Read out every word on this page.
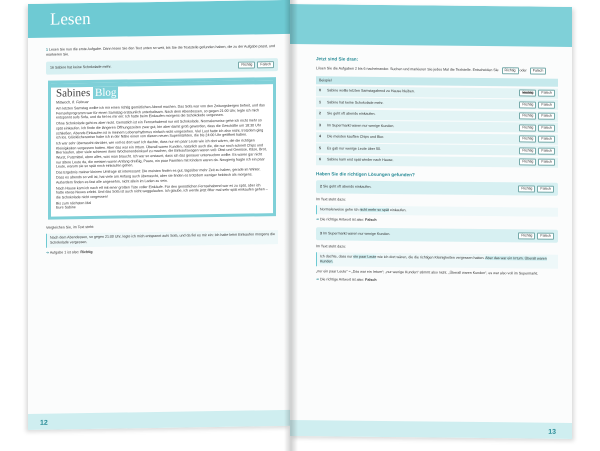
Lesen
1 Lesen Sie nun die erste Aufgabe. Dann lesen Sie den Text unten so weit, bis Sie die Textstelle gefunden haben, die zu der Aufgabe passt, und markieren Sie.
16 Sabine hat keine Schokolade mehr.
Richtig Falsch
Sabines Blog

Mittwoch, 8. Februar

Am letzten Samstag wollte ich mir einen richtig gemütlichen Abend machen. Das Sofa war von den Zeitungsbergen befreit, und das Fernsehprogramm war für einen Samstag erstaunlich unterhaltsam. Nach dem Abendessen, so gegen 21:00 Uhr, legte ich mich entspannt aufs Sofa, und da fiel es mir ein: Ich hatte beim Einkaufen morgens die Schokolade vergessen.

Ohne Schokolade geht es aber nicht. Gemütlich ist ein Fernsehabend nur mit Schokolade. Normalerweise gehe ich nicht mehr so spät einkaufen. Ich finde die längeren Öffnungszeiten zwar gut, bin aber damit groß geworden, dass die Geschäfte um 18:30 Uhr schließen. Abends Einkaufen ist in meinem Lebensrhythmus einfach nicht vorgesehen. Viel Lust hatte ich also nicht, trotzdem ging ich los. Glücklicherweise habe ich in der Nähe einen von diesen neuen Supermärkten, die bis 24:00 Uhr geöffnet haben.

Ich war sehr überrascht darüber, wie voll es dort war! Ich dachte, dass nur ein paar Leute wie ich dort wären, die die richtigen Kleinigkeiten vergessen hatten. Aber das war ein Irrtum. Überall waren Kunden, natürlich auch die, die nur noch schnell Chips und Bier kaufen, aber viele schienen ihren Wochenendeinkauf zu machen, die Einkaufswagen waren voll: Obst und Gemüse, Käse, Brot, Wurst, Putzmittel, eben alles, was man braucht. Ich war so erstaunt, dass ich das genauer untersuchen wollte. Es waren gar nicht nur ältere Leute da, die meisten waren Anfang dreißig, Paare, ein paar Familien mit Kindern waren da. Neugierig fragte ich ein paar Leute, warum sie so spät noch einkaufen gehen.

Das Ergebnis meiner kleinen Umfrage ist interessant: Die meisten finden es gut, tagsüber mehr Zeit zu haben, gerade im Winter. Dass es abends so voll ist, hat viele am Anfang auch überrascht, aber sie finden es trotzdem weniger hektisch als morgens. Außerdem finden es fast alle angenehm, nicht allein im Laden zu sein.

Nach Hause kam ich nach elf mit einer großen Tüte voller Einkäufe. Für den gemütlichen Fernsehabend war es zu spät, aber ich hatte etwas Neues erlebt. Und das Sofa ist auch nicht weggelaufen. Ich glaube, ich werde jetzt öfter mal sehr spät einkaufen gehen – die Schokolade nicht vergessen!

Bis zum nächsten Mal

Eure Sabine

Vergleichen Sie, im Text steht:
Nach dem Abendessen, so gegen 21:00 Uhr, legte ich mich entspannt aufs Sofa, und da fiel es mir ein: Ich hatte beim Einkaufen morgens die Schokolade vergessen.
➔ Aufgabe 1 ist also: Richtig
12
Jetzt sind Sie dran:
Lösen Sie die Aufgaben 2 bis 6 nacheinander. Suchen und markieren Sie jedes Mal die Textstelle. Entscheiden Sie Richtig oder Falsch
Beispiel
0	Sabine wollte letzten Samstagabend zu Hause bleiben.	Richtig Falsch
1	Sabine hat keine Schokolade mehr.	Richtig Falsch
2	Sie geht oft abends einkaufen.	Richtig Falsch
3	Im Supermarkt waren nur wenige Kunden.	Richtig Falsch
4	Die meisten kauften Chips und Bier.	Richtig Falsch
5	Es gab nur wenige Leute über 50.	Richtig Falsch
6	Sabine kam erst spät wieder nach Hause.	Richtig Falsch
Haben Sie die richtigen Lösungen gefunden?
2 Sie geht oft abends einkaufen.	Richtig Falsch
Im Text steht dazu:
Normalerweise gehe ich nicht mehr so spät einkaufen.
➔ Die richtige Antwort ist also: Falsch
3 Im Supermarkt waren nur wenige Kunden.	Richtig Falsch
Im Text steht dazu:
Ich dachte, dass nur ein paar Leute wie ich dort wären, die die richtigen Kleinigkeiten vergessen hatten. Aber das war ein Irrtum. Überall waren Kunden.
„nur ein paar Leute“ ≈ „Das war ein Irrtum“; „nur wenige Kunden“ stimmt also nicht. „Überall waren Kunden“, es war also voll im Supermarkt.
➔ Die richtige Antwort ist also: Falsch
13
